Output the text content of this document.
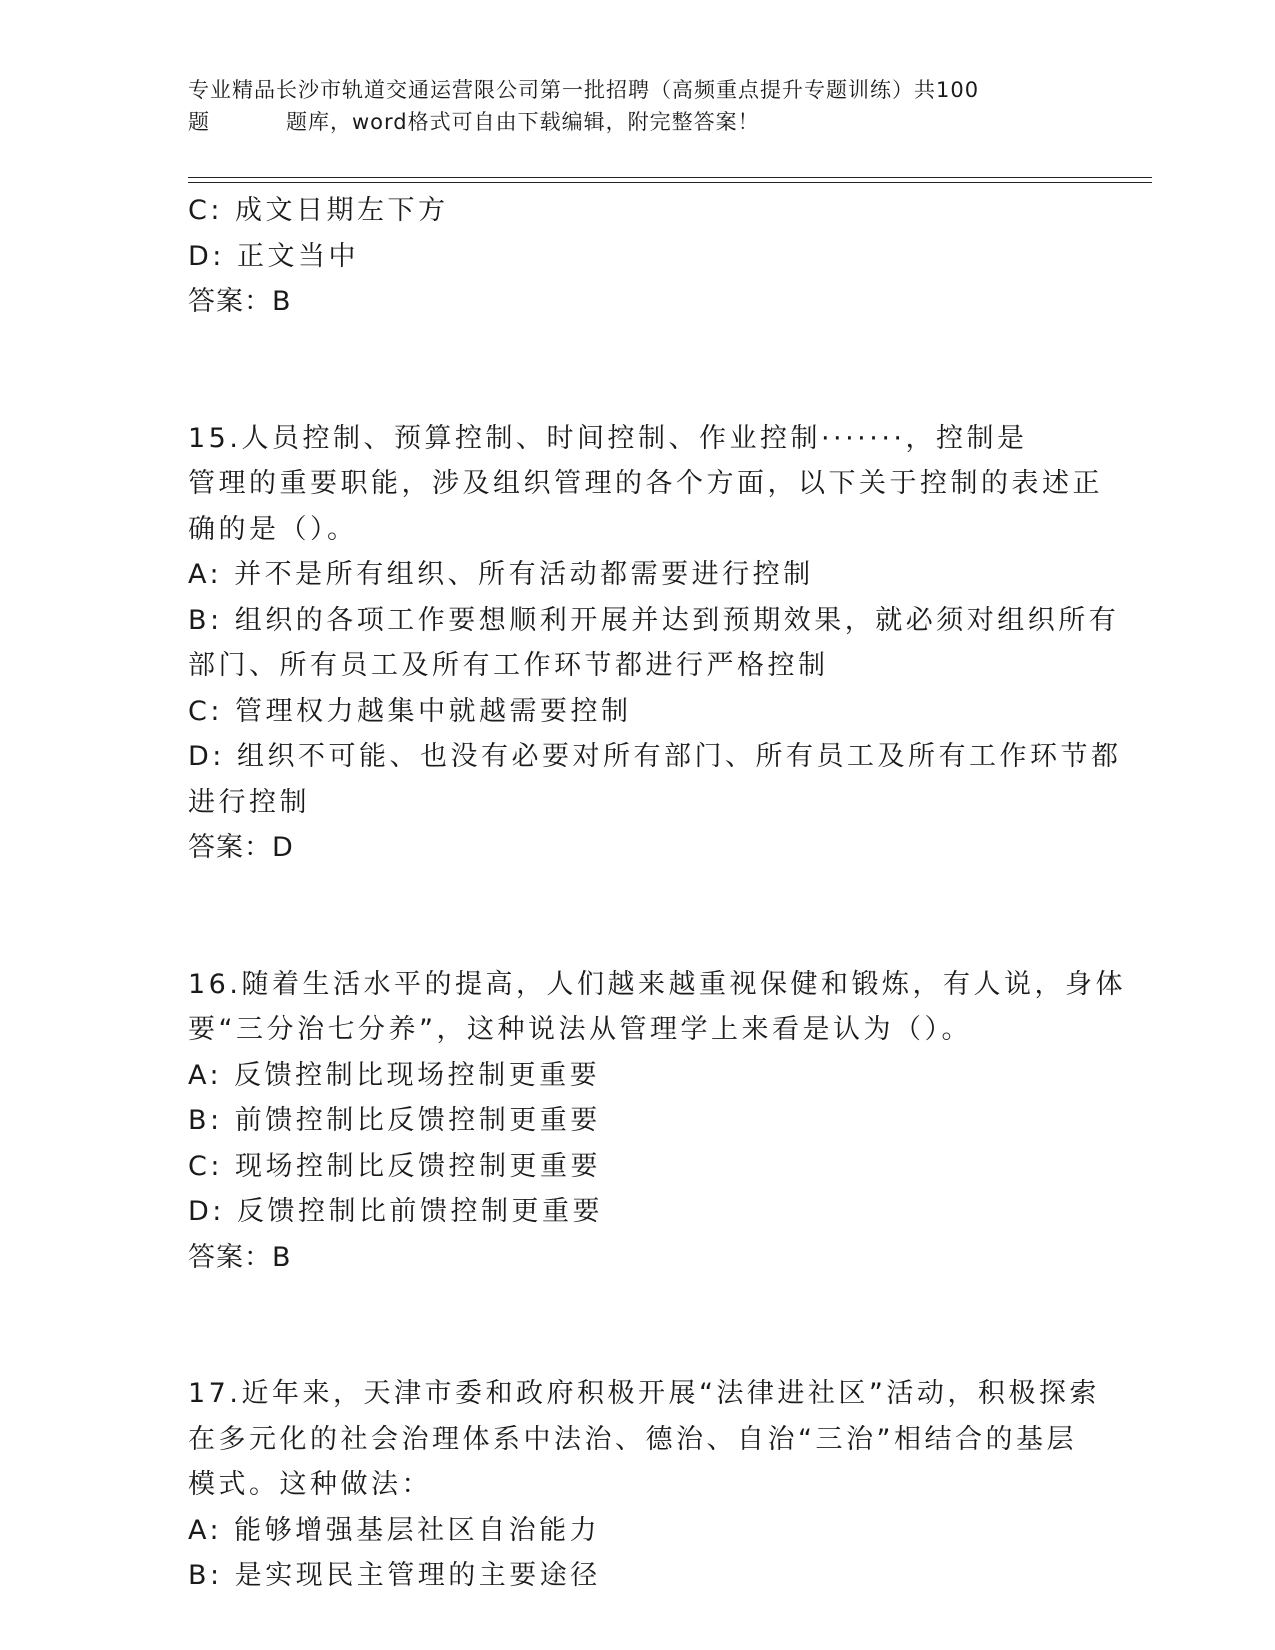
专业精品长沙市轨道交通运营限公司第一批招聘（高频重点提升专题训练）共100
题	题库，word格式可自由下载编辑，附完整答案！
C: 成文日期左下方
D: 正文当中
答案：B
15.人员控制、预算控制、时间控制、作业控制·······，控制是
管理的重要职能，涉及组织管理的各个方面，以下关于控制的表述正
确的是（）。
A: 并不是所有组织、所有活动都需要进行控制
B: 组织的各项工作要想顺利开展并达到预期效果，就必须对组织所有
部门、所有员工及所有工作环节都进行严格控制
C: 管理权力越集中就越需要控制
D: 组织不可能、也没有必要对所有部门、所有员工及所有工作环节都
进行控制
答案：D
16.随着生活水平的提高，人们越来越重视保健和锻炼，有人说，身体
要“三分治七分养”，这种说法从管理学上来看是认为（）。
A: 反馈控制比现场控制更重要
B: 前馈控制比反馈控制更重要
C: 现场控制比反馈控制更重要
D: 反馈控制比前馈控制更重要
答案：B
17.近年来，天津市委和政府积极开展“法律进社区”活动，积极探索
在多元化的社会治理体系中法治、德治、自治“三治”相结合的基层
模式。这种做法：
A: 能够增强基层社区自治能力
B: 是实现民主管理的主要途径
